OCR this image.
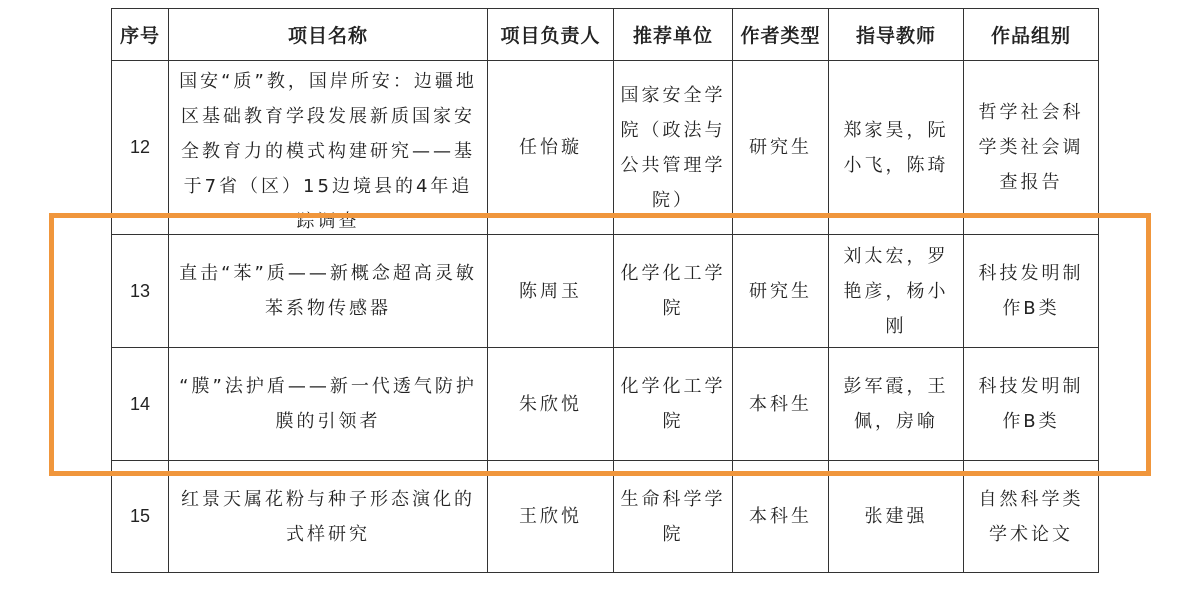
序号	项目名称	项目负责人	推荐单位	作者类型	指导教师	作品组别
12	国安“质”教，国岸所安：边疆地区基础教育学段发展新质国家安全教育力的模式构建研究——基于7省（区）15边境县的4年追踪调查	任怡璇	国家安全学院（政法与公共管理学院）	研究生	郑家昊，阮小飞，陈琦	哲学社会科学类社会调查报告
13	直击“苯”质——新概念超高灵敏苯系物传感器	陈周玉	化学化工学院	研究生	刘太宏，罗艳彦，杨小刚	科技发明制作B类
14	“膜”法护盾——新一代透气防护膜的引领者	朱欣悦	化学化工学院	本科生	彭军霞，王佩，房喻	科技发明制作B类
15	红景天属花粉与种子形态演化的式样研究	王欣悦	生命科学学院	本科生	张建强	自然科学类学术论文
